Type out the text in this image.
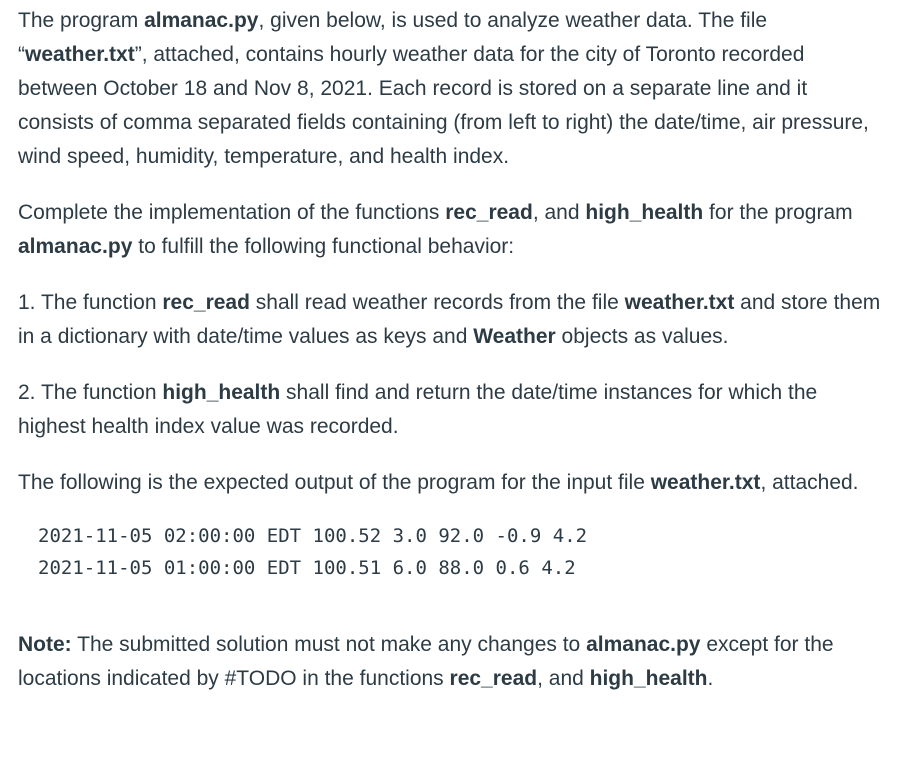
The program almanac.py, given below, is used to analyze weather data. The file “weather.txt”, attached, contains hourly weather data for the city of Toronto recorded between October 18 and Nov 8, 2021. Each record is stored on a separate line and it consists of comma separated fields containing (from left to right) the date/time, air pressure, wind speed, humidity, temperature, and health index.

Complete the implementation of the functions rec_read, and high_health for the program almanac.py to fulfill the following functional behavior:

1. The function rec_read shall read weather records from the file weather.txt and store them in a dictionary with date/time values as keys and Weather objects as values.

2. The function high_health shall find and return the date/time instances for which the highest health index value was recorded.

The following is the expected output of the program for the input file weather.txt, attached.

2021-11-05 02:00:00 EDT 100.52 3.0 92.0 -0.9 4.2
2021-11-05 01:00:00 EDT 100.51 6.0 88.0 0.6 4.2

Note: The submitted solution must not make any changes to almanac.py except for the locations indicated by #TODO in the functions rec_read, and high_health.
